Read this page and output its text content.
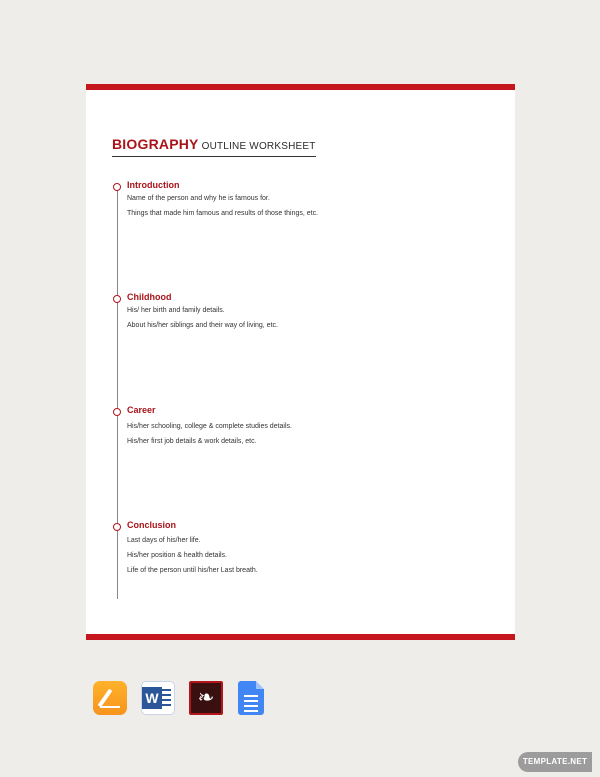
BIOGRAPHY OUTLINE WORKSHEET
Introduction
Name of the person and why he is famous for.
Things that made him famous and results of those things, etc.
Childhood
His/ her birth and family details.
About his/her siblings and their way of living, etc.
Career
His/her schooling, college & complete studies details.
His/her first job details & work details, etc.
Conclusion
Last days of his/her life.
His/her position & health details.
Life of the person until his/her Last breath.
W	❧
TEMPLATE.NET
